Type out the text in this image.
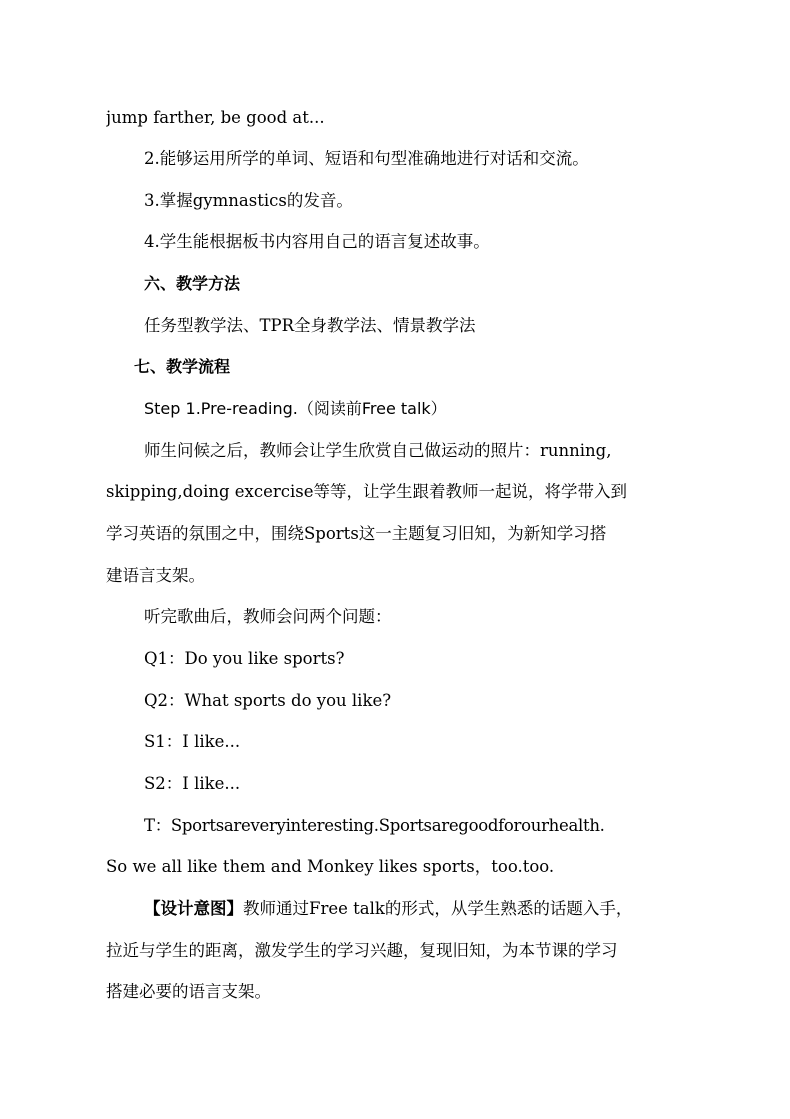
jump farther, be good at...
2.能够运用所学的单词、短语和句型准确地进行对话和交流。
3.掌握gymnastics的发音。
4.学生能根据板书内容用自己的语言复述故事。
六、教学方法
任务型教学法、TPR全身教学法、情景教学法
七、教学流程
Step 1.Pre-reading.（阅读前Free talk）
师生问候之后，教师会让学生欣赏自己做运动的照片：running,
skipping,doing excercise等等，让学生跟着教师一起说，将学带入到
学习英语的氛围之中，围绕Sports这一主题复习旧知，为新知学习搭
建语言支架。
听完歌曲后，教师会问两个问题：
Q1：Do you like sports?
Q2：What sports do you like?
S1：I like...
S2：I like...
T：Sportsareveryinteresting.Sportsaregoodforourhealth.
So we all like them and Monkey likes sports，too.too.
【设计意图】教师通过Free talk的形式，从学生熟悉的话题入手，
拉近与学生的距离，激发学生的学习兴趣，复现旧知，为本节课的学习
搭建必要的语言支架。
